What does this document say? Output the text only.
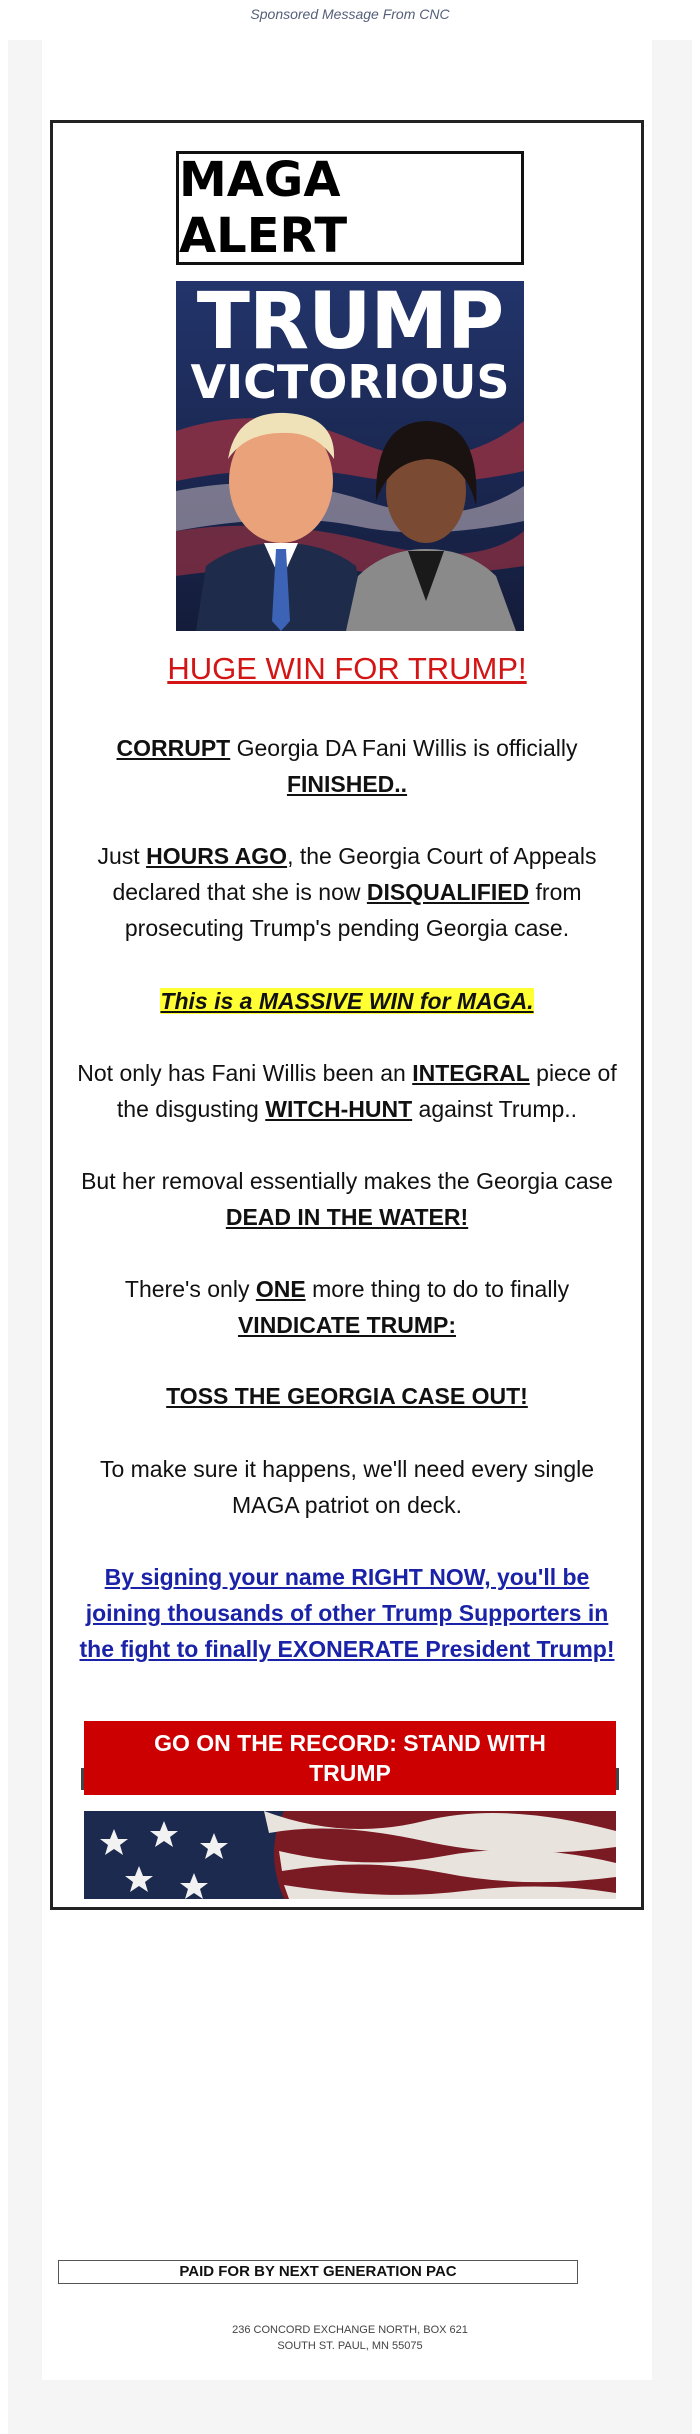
Sponsored Message From CNC
MAGA ALERT
TRUMP
VICTORIOUS
HUGE WIN FOR TRUMP!
CORRUPT Georgia DA Fani Willis is officially FINISHED..
Just HOURS AGO, the Georgia Court of Appeals declared that she is now DISQUALIFIED from prosecuting Trump's pending Georgia case.
This is a MASSIVE WIN for MAGA.
Not only has Fani Willis been an INTEGRAL piece of the disgusting WITCH-HUNT against Trump..
But her removal essentially makes the Georgia case DEAD IN THE WATER!
There's only ONE more thing to do to finally VINDICATE TRUMP:
TOSS THE GEORGIA CASE OUT!
To make sure it happens, we'll need every single MAGA patriot on deck.
By signing your name RIGHT NOW, you'll be joining thousands of other Trump Supporters in the fight to finally EXONERATE President Trump!
GO ON THE RECORD: STAND WITH TRUMP
PAID FOR BY NEXT GENERATION PAC
236 CONCORD EXCHANGE NORTH, BOX 621
SOUTH ST. PAUL, MN 55075
